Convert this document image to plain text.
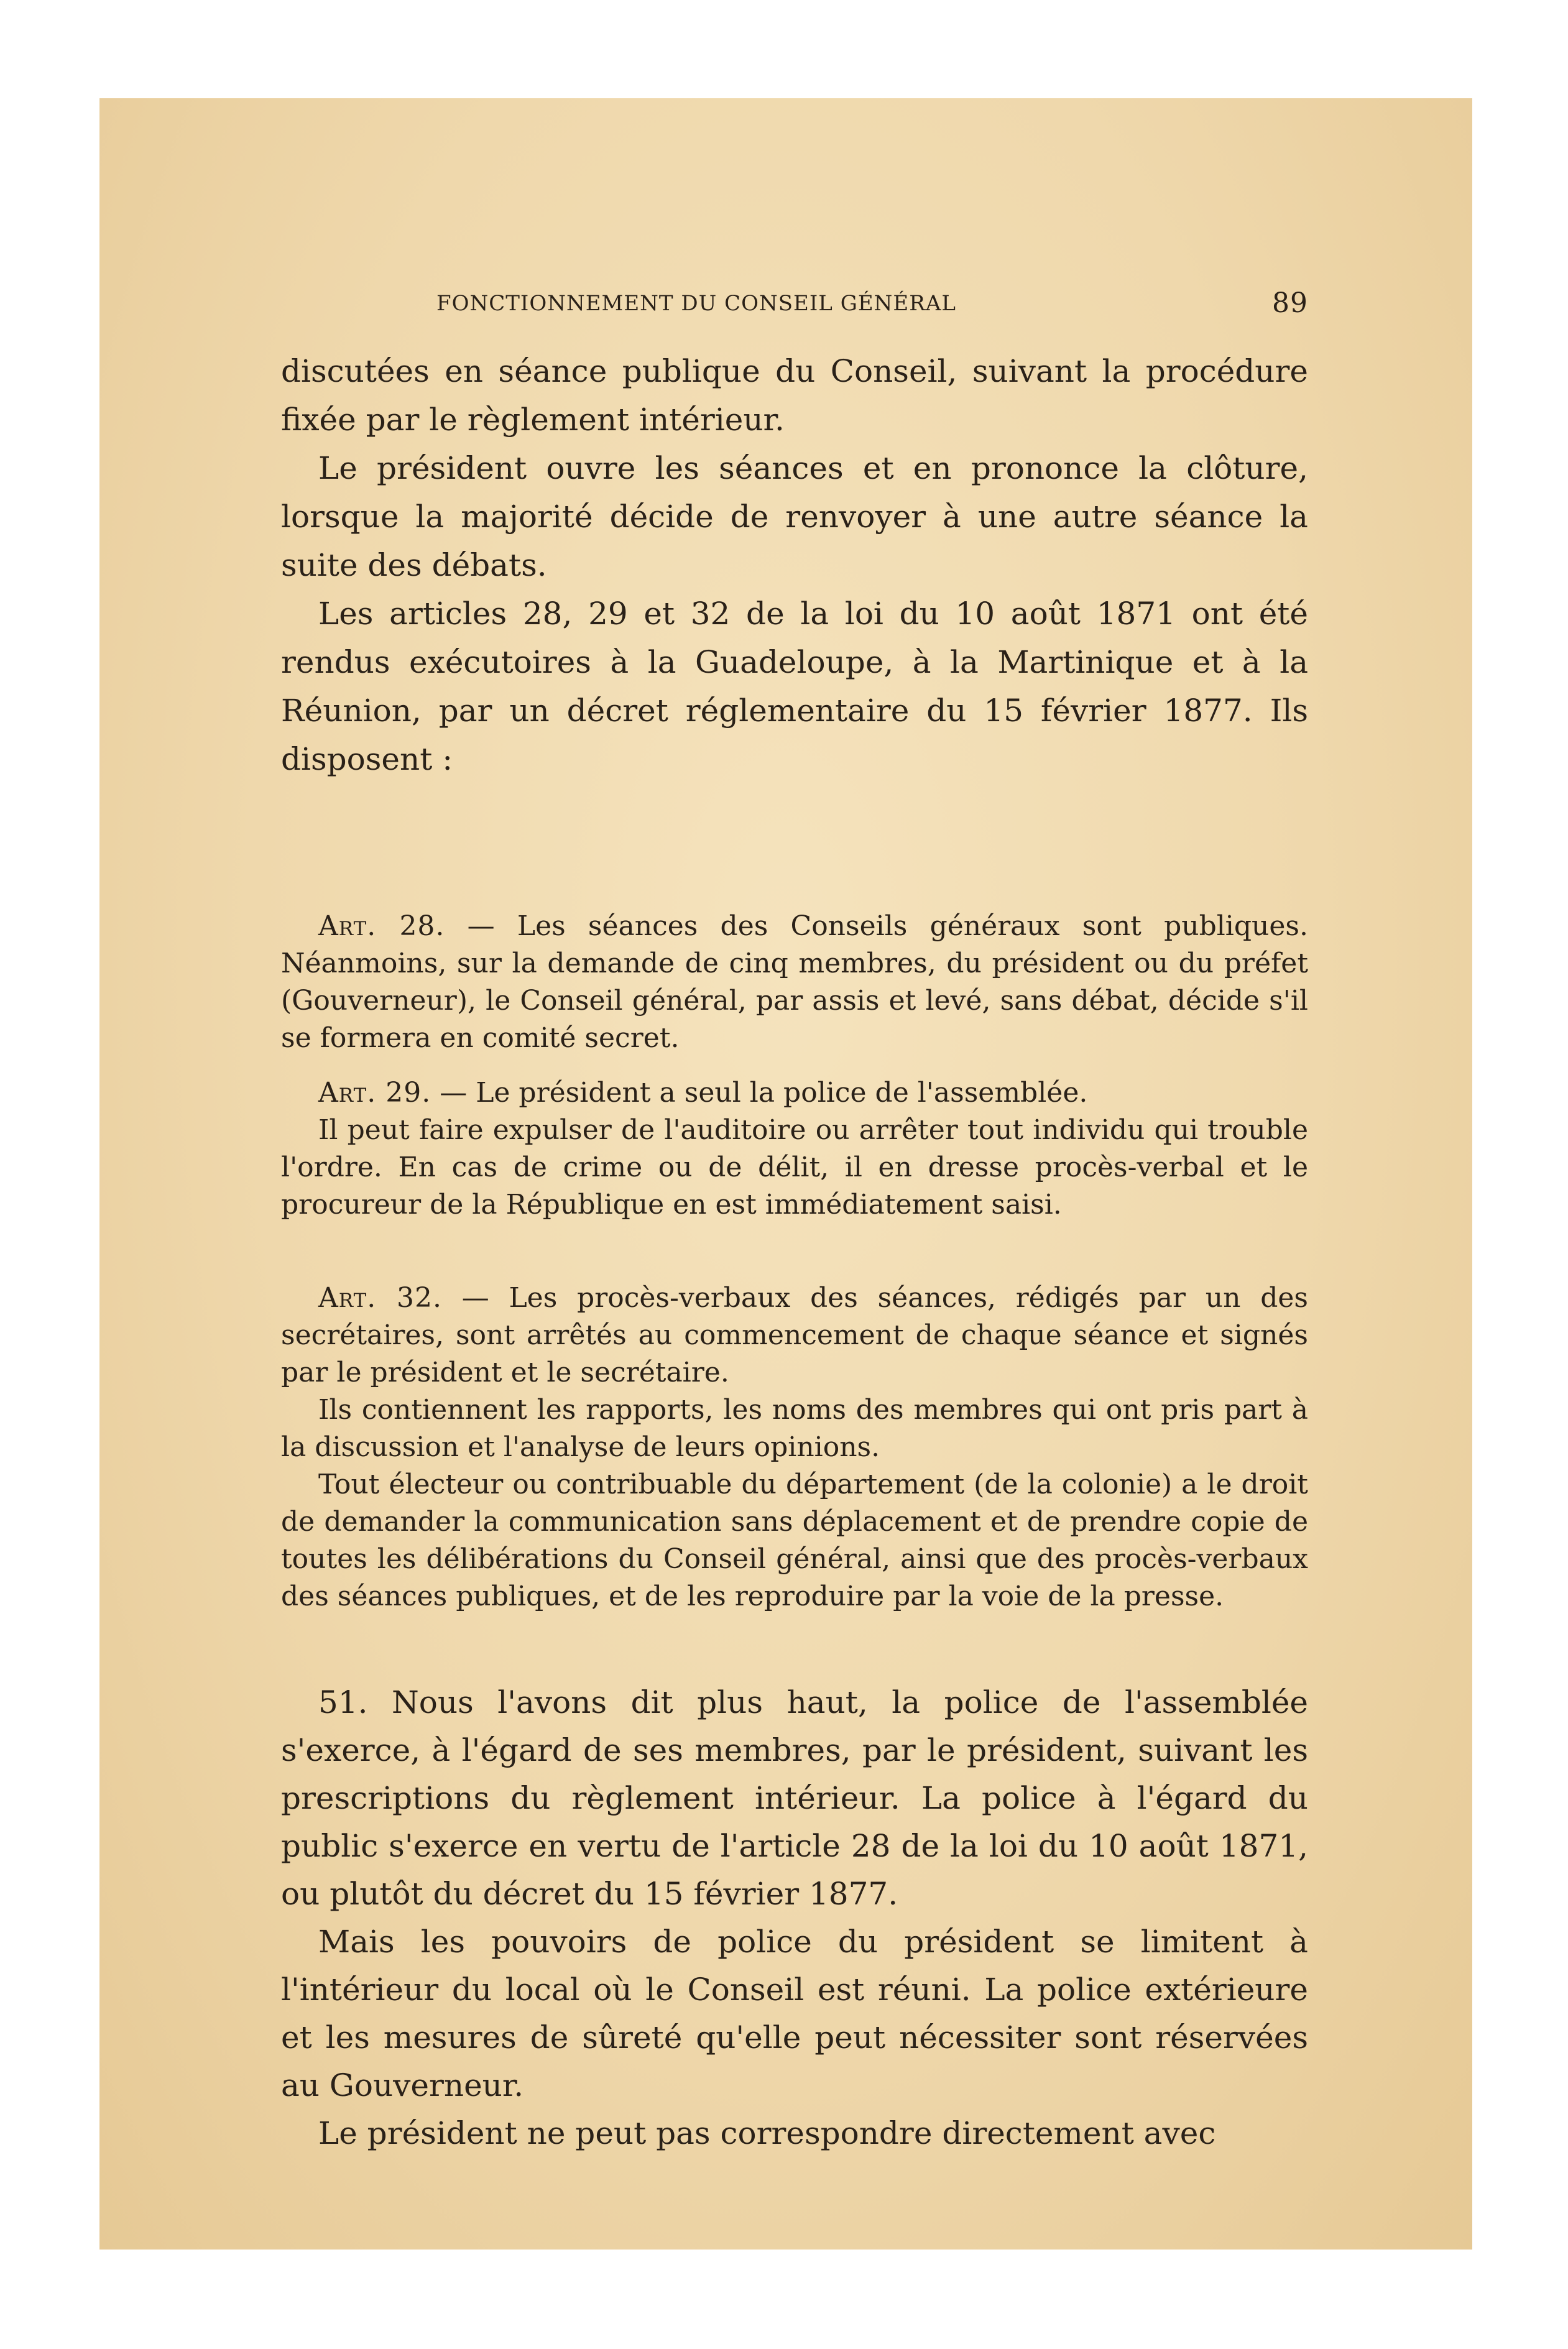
FONCTIONNEMENT DU CONSEIL GÉNÉRAL	89

discutées en séance publique du Conseil, suivant la procédure fixée par le règlement intérieur.

Le président ouvre les séances et en prononce la clôture, lorsque la majorité décide de renvoyer à une autre séance la suite des débats.

Les articles 28, 29 et 32 de la loi du 10 août 1871 ont été rendus exécutoires à la Guadeloupe, à la Martinique et à la Réunion, par un décret réglementaire du 15 février 1877. Ils disposent :

Art. 28. — Les séances des Conseils généraux sont publiques. Néanmoins, sur la demande de cinq membres, du président ou du préfet (Gouverneur), le Conseil général, par assis et levé, sans débat, décide s'il se formera en comité secret.

Art. 29. — Le président a seul la police de l'assemblée.

Il peut faire expulser de l'auditoire ou arrêter tout individu qui trouble l'ordre. En cas de crime ou de délit, il en dresse procès-verbal et le procureur de la République en est immédiatement saisi.

Art. 32. — Les procès-verbaux des séances, rédigés par un des secrétaires, sont arrêtés au commencement de chaque séance et signés par le président et le secrétaire.

Ils contiennent les rapports, les noms des membres qui ont pris part à la discussion et l'analyse de leurs opinions.

Tout électeur ou contribuable du département (de la colonie) a le droit de demander la communication sans déplacement et de prendre copie de toutes les délibérations du Conseil général, ainsi que des procès-verbaux des séances publiques, et de les reproduire par la voie de la presse.

51. Nous l'avons dit plus haut, la police de l'assemblée s'exerce, à l'égard de ses membres, par le président, suivant les prescriptions du règlement intérieur. La police à l'égard du public s'exerce en vertu de l'article 28 de la loi du 10 août 1871, ou plutôt du décret du 15 février 1877.

Mais les pouvoirs de police du président se limitent à l'intérieur du local où le Conseil est réuni. La police extérieure et les mesures de sûreté qu'elle peut nécessiter sont réservées au Gouverneur.

Le président ne peut pas correspondre directement avec
